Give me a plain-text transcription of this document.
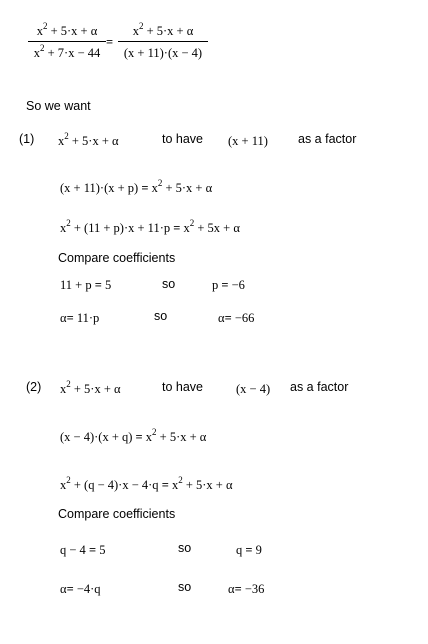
$x^2 + 5\cdot x + \alpha$
$x^2 + 7\cdot x - 44$
=
$x^2 + 5\cdot x + \alpha$
(x + 11)·(x − 4)
So we want
(1) $x^2 + 5\cdot x + \alpha$	to have (x + 11) as a factor
$(x + 11)\cdot(x + p) = x^2 + 5\cdot x + \alpha$
$x^2 + (11 + p)\cdot x + 11\cdot p = x^2 + 5x + \alpha$
Compare coefficients
11 + p = 5	so	p = −6
α= 11·p	so	α= −66
(2) $x^2 + 5\cdot x + \alpha$	to have	(x − 4) as a factor
$(x - 4)\cdot(x + q) = x^2 + 5\cdot x + \alpha$
$x^2 + (q - 4)\cdot x - 4\cdot q = x^2 + 5\cdot x + \alpha$
Compare coefficients
q − 4 = 5	so	q = 9
α= −4·q	so	α= −36
